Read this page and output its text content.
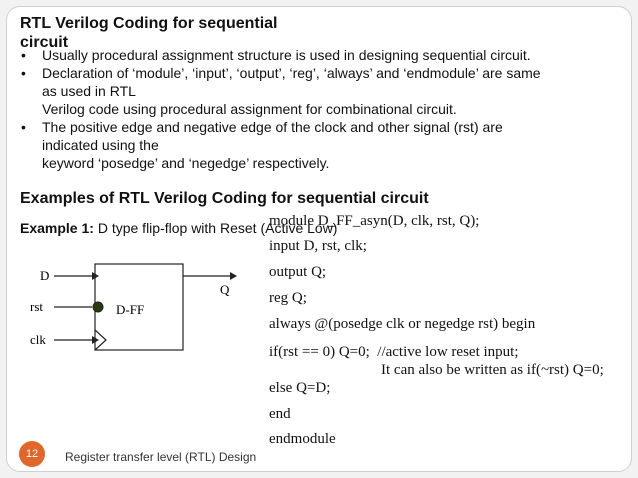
RTL Verilog Coding for sequential circuit
• Usually procedural assignment structure is used in designing sequential circuit.
• Declaration of ‘module’, ‘input’, ‘output’, ‘reg’, ‘always’ and ‘endmodule’ are same
as used in RTL
Verilog code using procedural assignment for combinational circuit.
• The positive edge and negative edge of the clock and other signal (rst) are
indicated using the
keyword ‘posedge’ and ‘negedge’ respectively.
Examples of RTL Verilog Coding for sequential circuit
Example 1: D type flip-flop with Reset (Active Low)
D-FF
D
rst
clk
Q
module D_FF_asyn(D, clk, rst, Q);
input D, rst, clk;
output Q;
reg Q;
always @(posedge clk or negedge rst) begin
if(rst == 0) Q=0;  //active low reset input;
It can also be written as if(~rst) Q=0;
else Q=D;
end
endmodule
12	Register transfer level (RTL) Design
